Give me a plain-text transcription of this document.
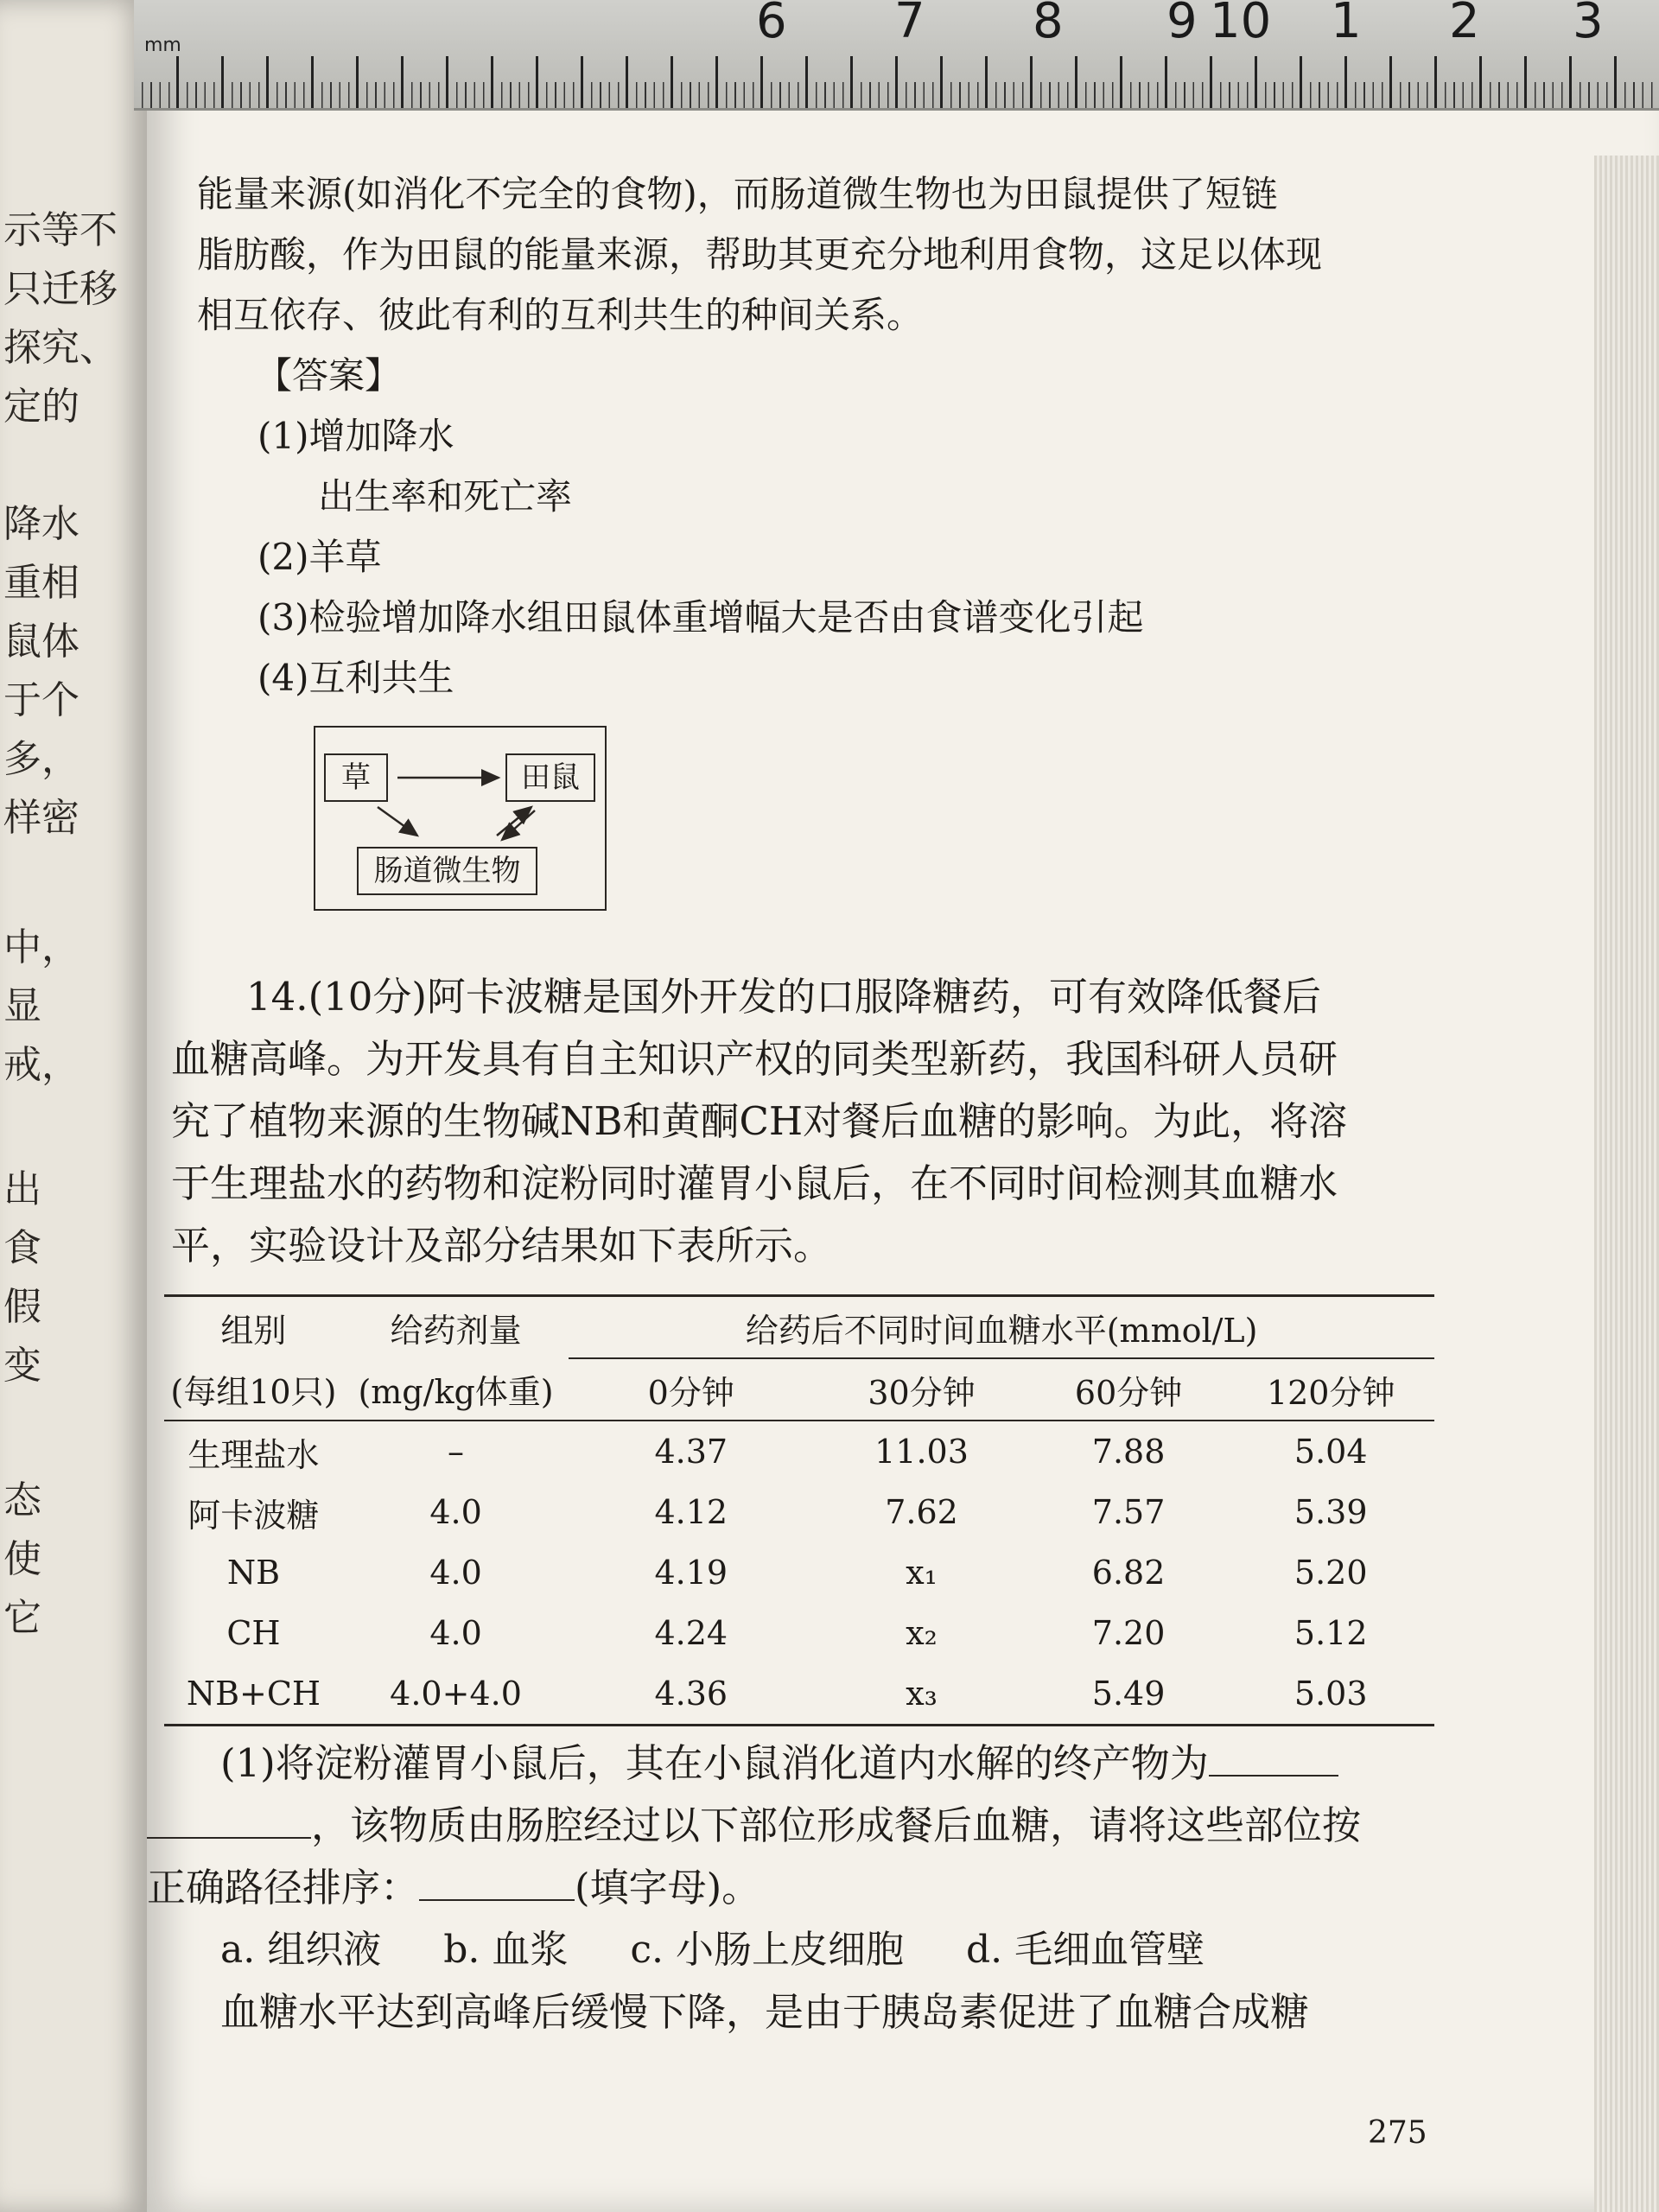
示等不
只迁移
探究、
定的
降水
重相
鼠体
于个
多，
样密
中，
显
戒，
出
食
假
变
态
使
它
mm	6 7 8 9 10 1 2 3

能量来源(如消化不完全的食物)，而肠道微生物也为田鼠提供了短链

脂肪酸，作为田鼠的能量来源，帮助其更充分地利用食物，这足以体现

相互依存、彼此有利的互利共生的种间关系。

【答案】

(1)增加降水

出生率和死亡率

(2)羊草

(3)检验增加降水组田鼠体重增幅大是否由食谱变化引起

(4)互利共生

草	田鼠
肠道微生物

14.(10分)阿卡波糖是国外开发的口服降糖药，可有效降低餐后

血糖高峰。为开发具有自主知识产权的同类型新药，我国科研人员研

究了植物来源的生物碱NB和黄酮CH对餐后血糖的影响。为此，将溶

于生理盐水的药物和淀粉同时灌胃小鼠后，在不同时间检测其血糖水

平，实验设计及部分结果如下表所示。

组别	给药剂量	给药后不同时间血糖水平(mmol/L)			
(每组10只)	(mg/kg体重)	0分钟	30分钟	60分钟	120分钟
生理盐水	–	4.37	11.03	7.88	5.04
阿卡波糖	4.0	4.12	7.62	7.57	5.39
NB	4.0	4.19	x₁	6.82	5.20
CH	4.0	4.24	x₂	7.20	5.12
NB+CH	4.0+4.0	4.36	x₃	5.49	5.03

(1)将淀粉灌胃小鼠后，其在小鼠消化道内水解的终产物为

，该物质由肠腔经过以下部位形成餐后血糖，请将这些部位按

正确路径排序：	(填字母)。

a. 组织液 b. 血浆 c. 小肠上皮细胞 d. 毛细血管壁

血糖水平达到高峰后缓慢下降，是由于胰岛素促进了血糖合成糖

275
